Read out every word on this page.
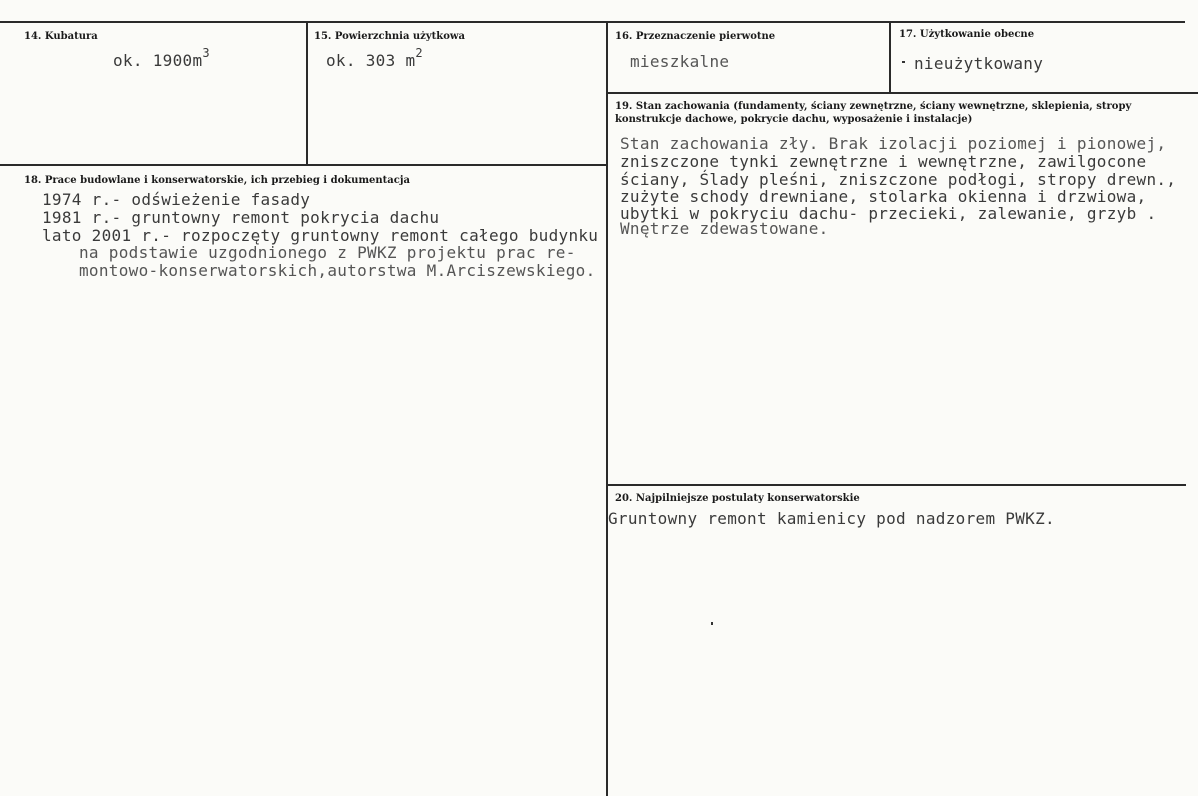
14. Kubatura
ok. $1900m^3$
15. Powierzchnia użytkowa
ok. 303 $m^2$
16. Przeznaczenie pierwotne
mieszkalne
17. Użytkowanie obecne
nieużytkowany
18. Prace budowlane i konserwatorskie, ich przebieg i dokumentacja
1974 r.- odświeżenie fasady
1981 r.- gruntowny remont pokrycia dachu
lato 2001 r.- rozpoczęty gruntowny remont całego budynku
na podstawie uzgodnionego z PWKZ projektu prac re-
montowo-konserwatorskich,autorstwa M.Arciszewskiego.
19. Stan zachowania (fundamenty, ściany zewnętrzne, ściany wewnętrzne, sklepienia, stropy konstrukcje dachowe, pokrycie dachu, wyposażenie i instalacje)
Stan zachowania zły. Brak izolacji poziomej i pionowej,
zniszczone tynki zewnętrzne i wewnętrzne, zawilgocone
ściany, Ślady pleśni, zniszczone podłogi, stropy drewn.,
zużyte schody drewniane, stolarka okienna i drzwiowa,
ubytki w pokryciu dachu- przecieki, zalewanie, grzyb .
Wnętrze zdewastowane.
20. Najpilniejsze postulaty konserwatorskie
Gruntowny remont kamienicy pod nadzorem PWKZ.
